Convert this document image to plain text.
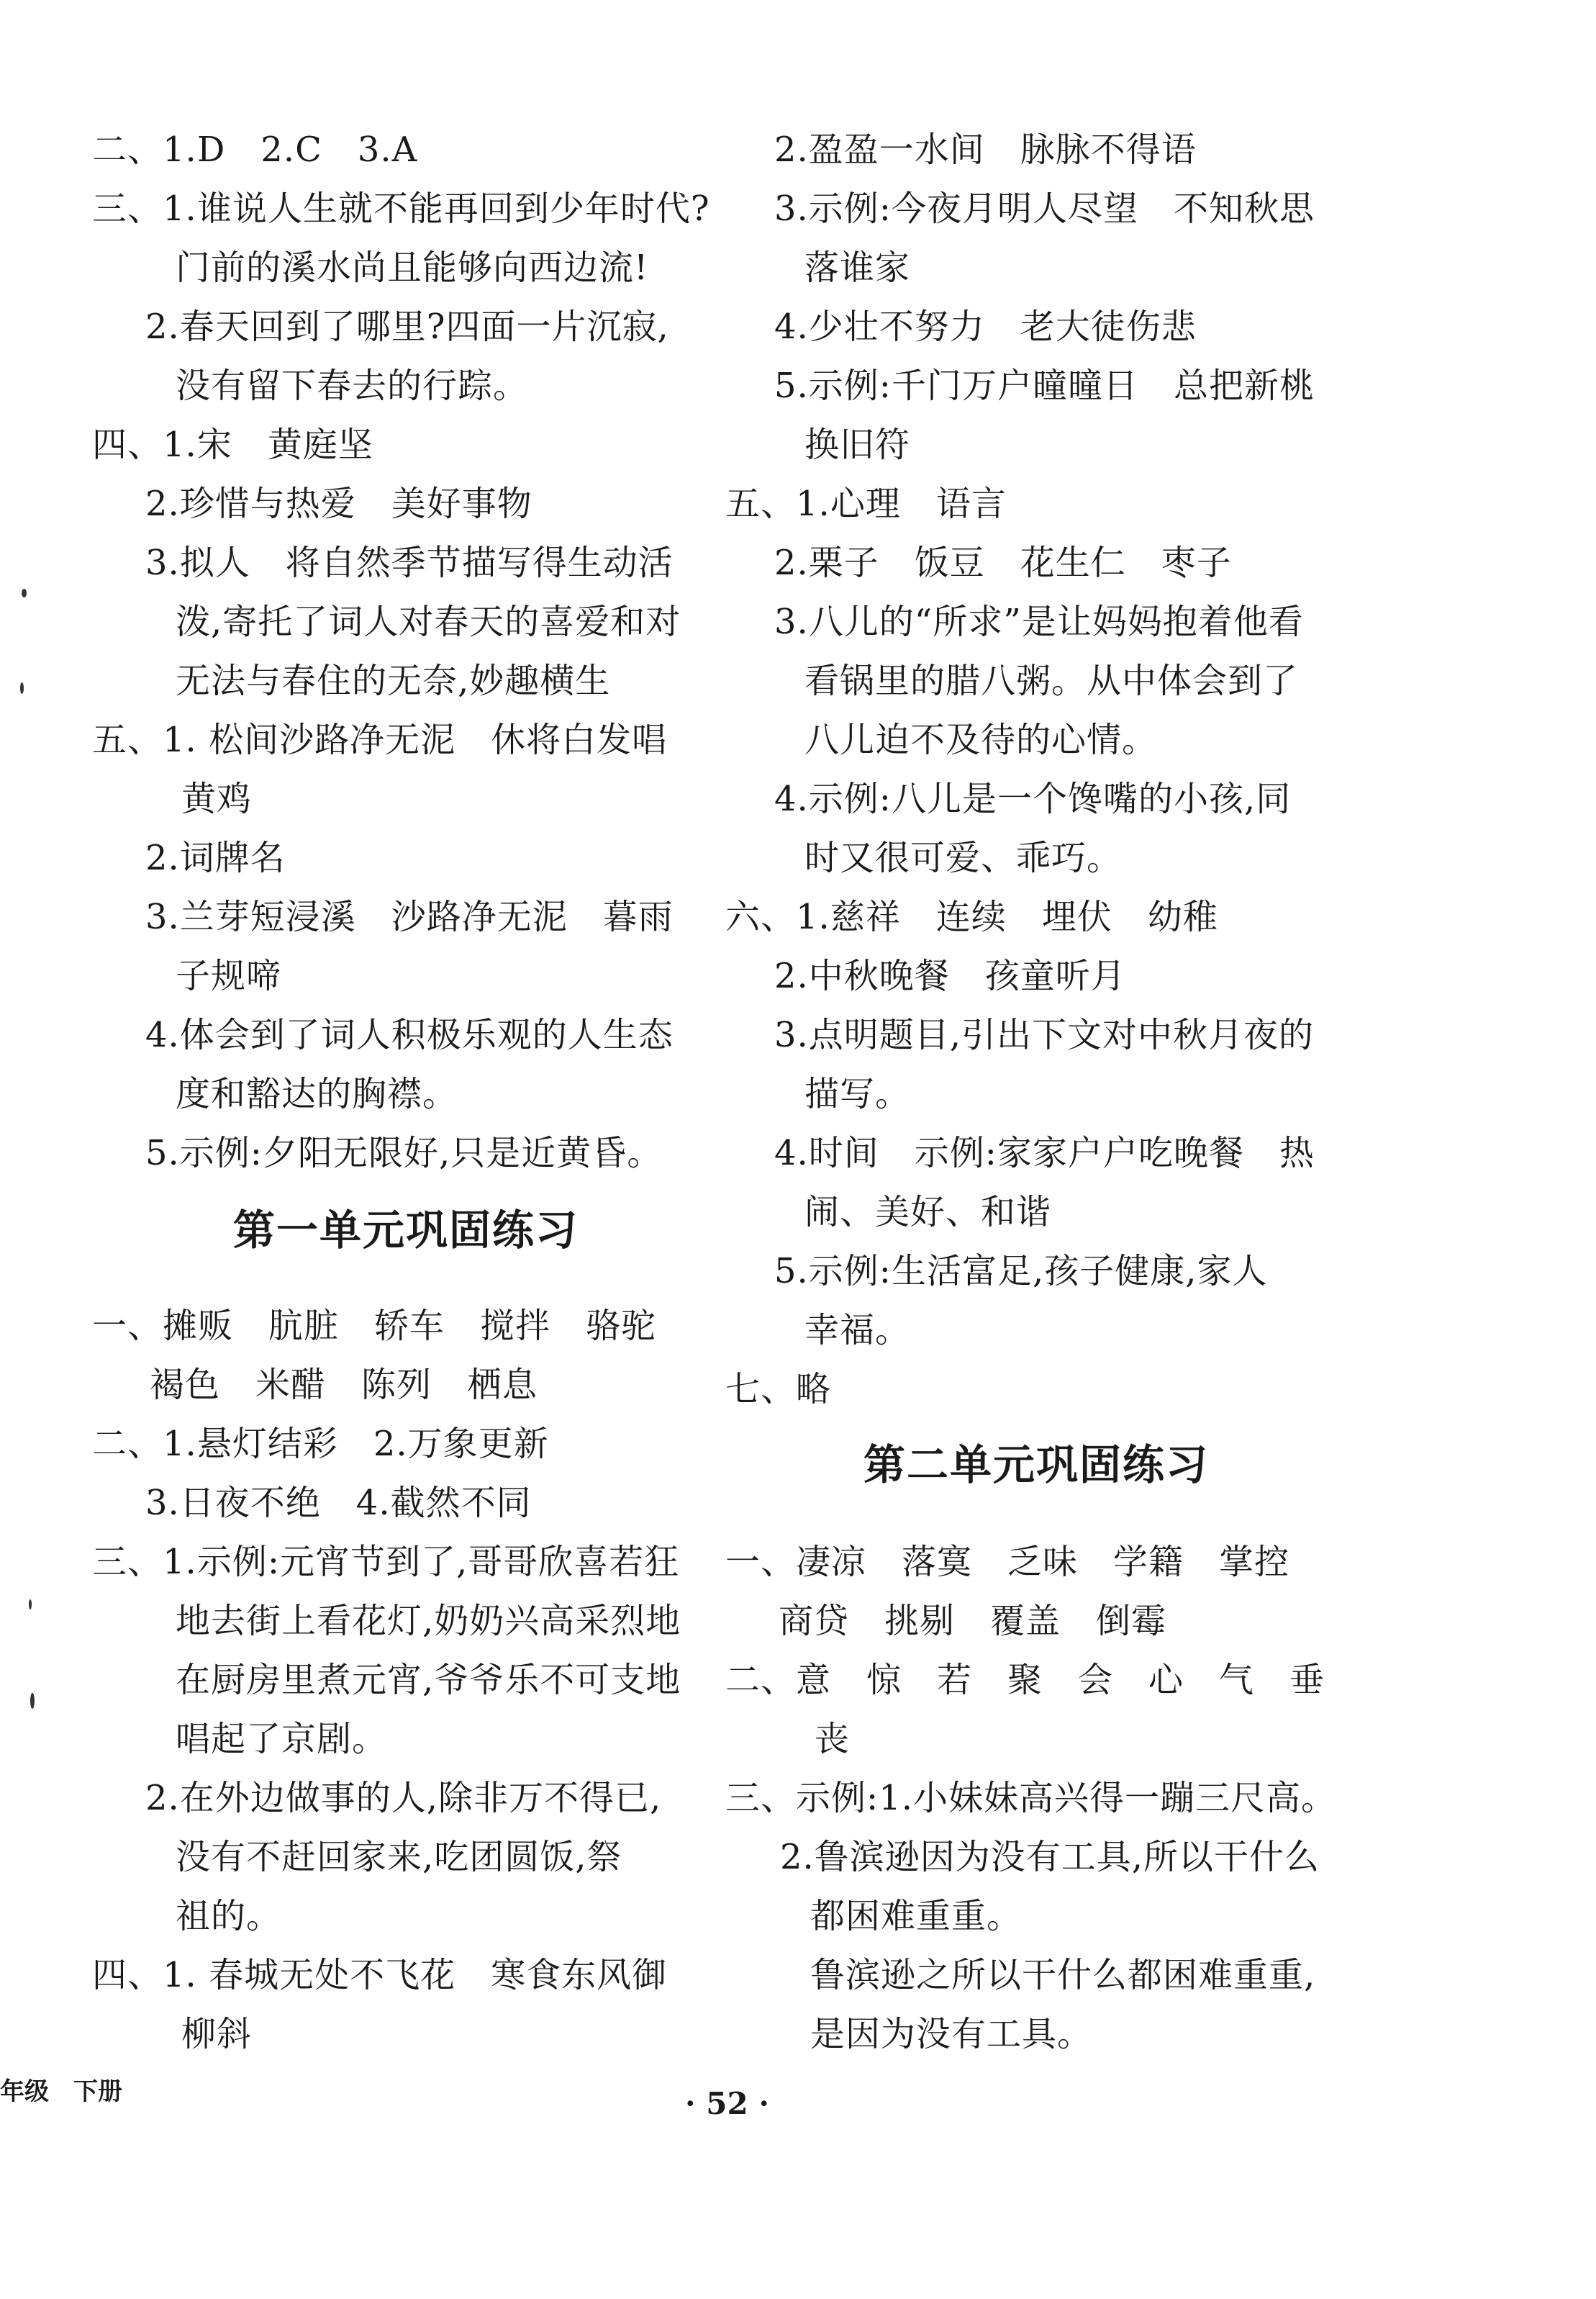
二、1.D　2.C　3.A
三、1.谁说人生就不能再回到少年时代?
门前的溪水尚且能够向西边流!
2.春天回到了哪里?四面一片沉寂,
没有留下春去的行踪。
四、1.宋　黄庭坚
2.珍惜与热爱　美好事物
3.拟人　将自然季节描写得生动活
泼,寄托了词人对春天的喜爱和对
无法与春住的无奈,妙趣横生
五、1. 松间沙路净无泥　休将白发唱
黄鸡
2.词牌名
3.兰芽短浸溪　沙路净无泥　暮雨
子规啼
4.体会到了词人积极乐观的人生态
度和豁达的胸襟。
5.示例:夕阳无限好,只是近黄昏。
第一单元巩固练习
一、摊贩　肮脏　轿车　搅拌　骆驼
褐色　米醋　陈列　栖息
二、1.悬灯结彩　2.万象更新
3.日夜不绝　4.截然不同
三、1.示例:元宵节到了,哥哥欣喜若狂
地去街上看花灯,奶奶兴高采烈地
在厨房里煮元宵,爷爷乐不可支地
唱起了京剧。
2.在外边做事的人,除非万不得已,
没有不赶回家来,吃团圆饭,祭
祖的。
四、1. 春城无处不飞花　寒食东风御
柳斜
2.盈盈一水间　脉脉不得语
3.示例:今夜月明人尽望　不知秋思
落谁家
4.少壮不努力　老大徒伤悲
5.示例:千门万户曈曈日　总把新桃
换旧符
五、1.心理　语言
2.栗子　饭豆　花生仁　枣子
3.八儿的“所求”是让妈妈抱着他看
看锅里的腊八粥。从中体会到了
八儿迫不及待的心情。
4.示例:八儿是一个馋嘴的小孩,同
时又很可爱、乖巧。
六、1.慈祥　连续　埋伏　幼稚
2.中秋晚餐　孩童听月
3.点明题目,引出下文对中秋月夜的
描写。
4.时间　示例:家家户户吃晚餐　热
闹、美好、和谐
5.示例:生活富足,孩子健康,家人
幸福。
七、略
第二单元巩固练习
一、凄凉　落寞　乏味　学籍　掌控
商贷　挑剔　覆盖　倒霉
二、意　惊　若　聚　会　心　气　垂
丧
三、示例:1.小妹妹高兴得一蹦三尺高。
2.鲁滨逊因为没有工具,所以干什么
都困难重重。
鲁滨逊之所以干什么都困难重重,
是因为没有工具。
年级　下册	· 52 ·
